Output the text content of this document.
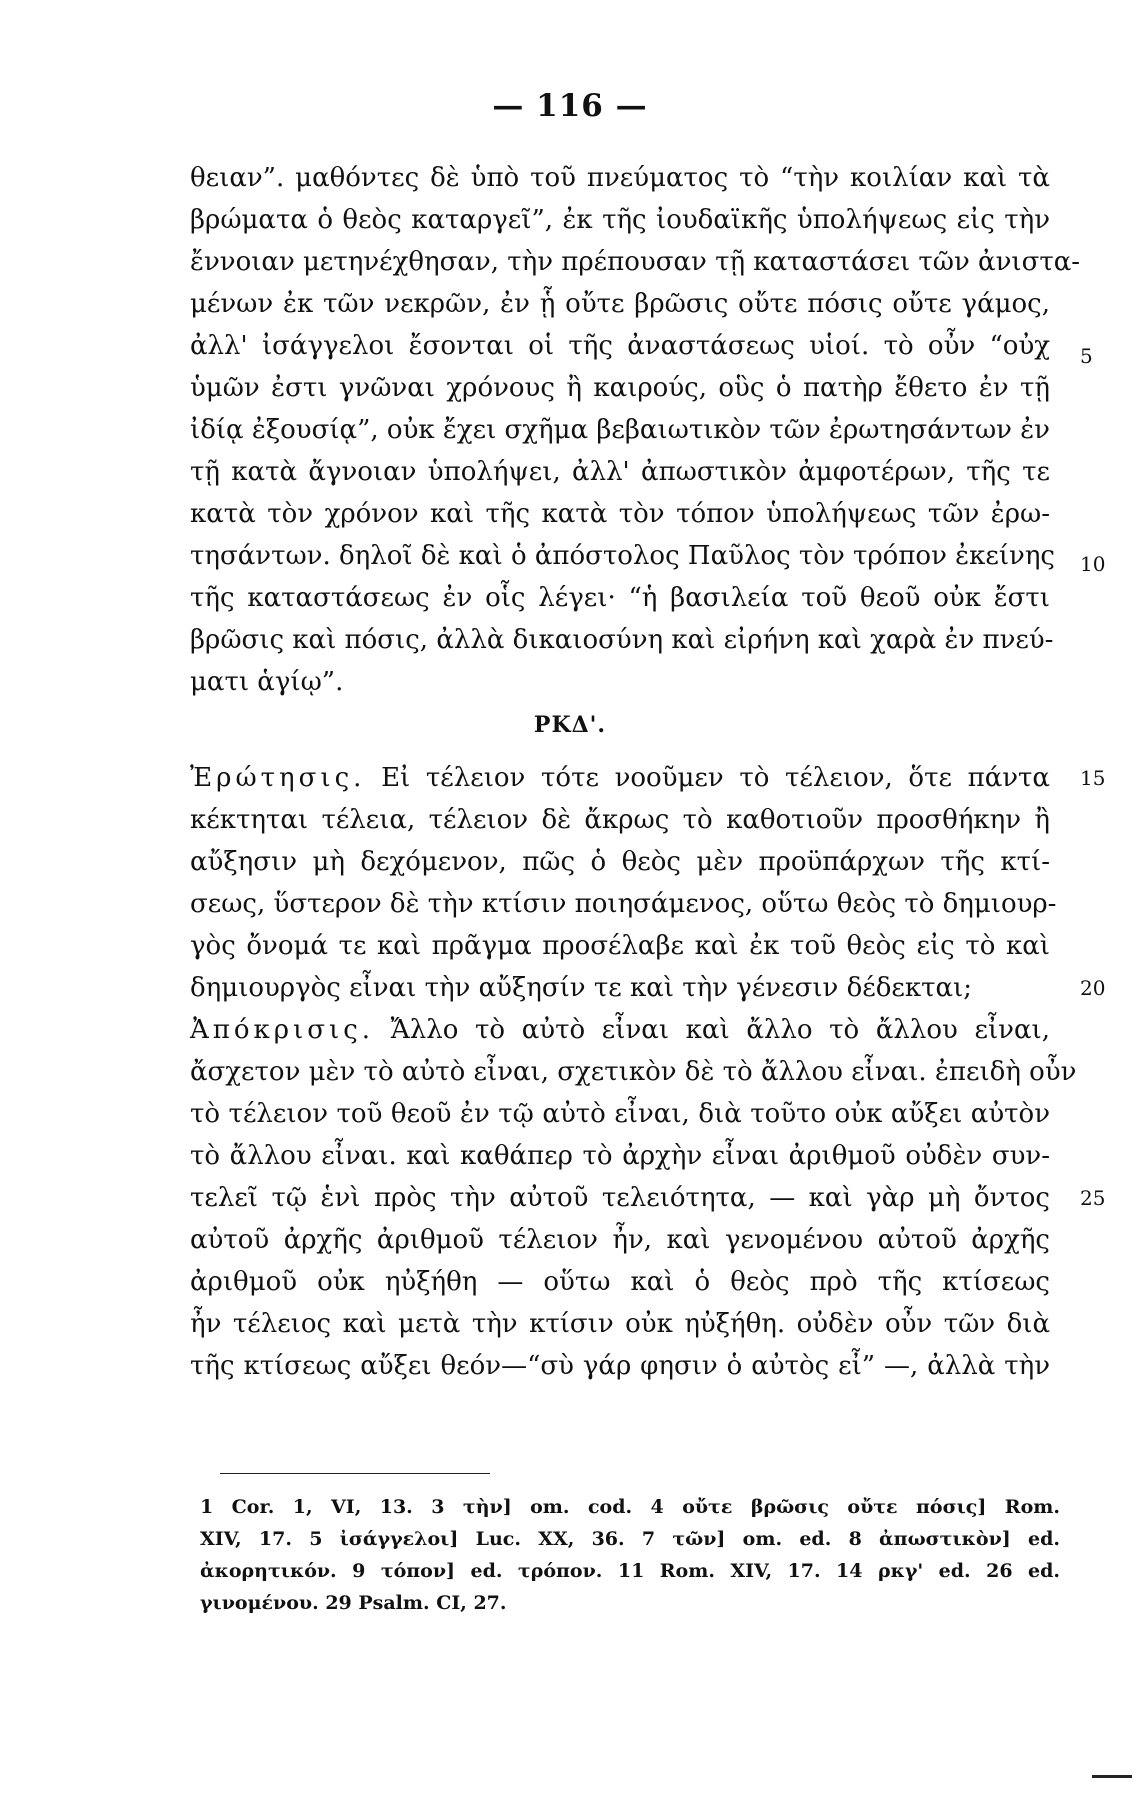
— 116 —
θειαν”. μαθόντες δὲ ὑπὸ τοῦ πνεύματος τὸ “τὴν κοιλίαν καὶ τὰ
βρώματα ὁ θεὸς καταργεῖ”, ἐκ τῆς ἰουδαϊκῆς ὑπολήψεως εἰς τὴν
ἔννοιαν μετηνέχθησαν, τὴν πρέπουσαν τῇ καταστάσει τῶν ἀνιστα-
μένων ἐκ τῶν νεκρῶν, ἐν ᾗ οὔτε βρῶσις οὔτε πόσις οὔτε γάμος,
ἀλλ' ἰσάγγελοι ἔσονται οἱ τῆς ἀναστάσεως υἱοί. τὸ οὖν “οὐχ
ὑμῶν ἐστι γνῶναι χρόνους ἢ καιρούς, οὓς ὁ πατὴρ ἔθετο ἐν τῇ
ἰδίᾳ ἐξουσίᾳ”, οὐκ ἔχει σχῆμα βεβαιωτικὸν τῶν ἐρωτησάντων ἐν
τῇ κατὰ ἄγνοιαν ὑπολήψει, ἀλλ' ἀπωστικὸν ἀμφοτέρων, τῆς τε
κατὰ τὸν χρόνον καὶ τῆς κατὰ τὸν τόπον ὑπολήψεως τῶν ἐρω-
τησάντων. δηλοῖ δὲ καὶ ὁ ἀπόστολος Παῦλος τὸν τρόπον ἐκείνης
τῆς καταστάσεως ἐν οἷς λέγει· “ἡ βασιλεία τοῦ θεοῦ οὐκ ἔστι
βρῶσις καὶ πόσις, ἀλλὰ δικαιοσύνη καὶ εἰρήνη καὶ χαρὰ ἐν πνεύ-
ματι ἁγίῳ”.
ΡΚΔ'.
Ἐρώτησις. Εἰ τέλειον τότε νοοῦμεν τὸ τέλειον, ὅτε πάντα
κέκτηται τέλεια, τέλειον δὲ ἄκρως τὸ καθοτιοῦν προσθήκην ἢ
αὔξησιν μὴ δεχόμενον, πῶς ὁ θεὸς μὲν προϋπάρχων τῆς κτί-
σεως, ὕστερον δὲ τὴν κτίσιν ποιησάμενος, οὕτω θεὸς τὸ δημιουρ-
γὸς ὄνομά τε καὶ πρᾶγμα προσέλαβε καὶ ἐκ τοῦ θεὸς εἰς τὸ καὶ
δημιουργὸς εἶναι τὴν αὔξησίν τε καὶ τὴν γένεσιν δέδεκται;
Ἀπόκρισις. Ἄλλο τὸ αὐτὸ εἶναι καὶ ἄλλο τὸ ἄλλου εἶναι,
ἄσχετον μὲν τὸ αὐτὸ εἶναι, σχετικὸν δὲ τὸ ἄλλου εἶναι. ἐπειδὴ οὖν
τὸ τέλειον τοῦ θεοῦ ἐν τῷ αὐτὸ εἶναι, διὰ τοῦτο οὐκ αὔξει αὐτὸν
τὸ ἄλλου εἶναι. καὶ καθάπερ τὸ ἀρχὴν εἶναι ἀριθμοῦ οὐδὲν συν-
τελεῖ τῷ ἑνὶ πρὸς τὴν αὐτοῦ τελειότητα, — καὶ γὰρ μὴ ὄντος
αὐτοῦ ἀρχῆς ἀριθμοῦ τέλειον ἦν, καὶ γενομένου αὐτοῦ ἀρχῆς
ἀριθμοῦ οὐκ ηὐξήθη — οὕτω καὶ ὁ θεὸς πρὸ τῆς κτίσεως
ἦν τέλειος καὶ μετὰ τὴν κτίσιν οὐκ ηὐξήθη. οὐδὲν οὖν τῶν διὰ
τῆς κτίσεως αὔξει θεόν—“σὺ γάρ φησιν ὁ αὐτὸς εἶ” —, ἀλλὰ τὴν
5
10
15
20
25
1 Cor. 1, VI, 13. 3 τὴν] om. cod. 4 οὔτε βρῶσις οὔτε πόσις] Rom.
XIV, 17. 5 ἰσάγγελοι] Luc. XX, 36. 7 τῶν] om. ed. 8 ἀπωστικὸν] ed.
ἀκορητικόν. 9 τόπον] ed. τρόπον. 11 Rom. XIV, 17. 14 ρκγ' ed. 26 ed.
γινομένου. 29 Psalm. CI, 27.
